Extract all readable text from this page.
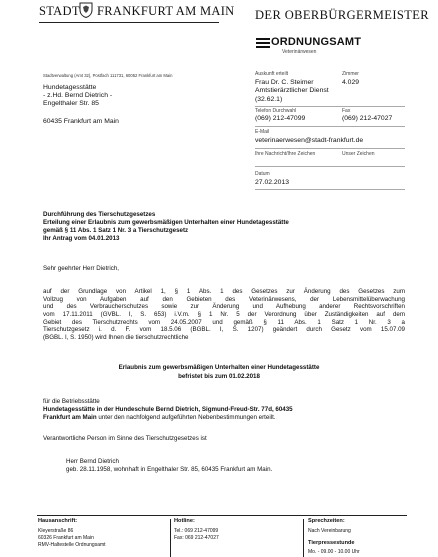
STADT FRANKFURT AM MAIN DER OBERBÜRGERMEISTER
ORDNUNGSAMT
Veterinärwesen
Stadtverwaltung (Amt 32), Postfach 111731, 60052 Frankfurt am Main
Hundetagesstätte
- z.Hd. Bernd Dietrich -
Engelthaler Str. 85
60435 Frankfurt am Main
Auskunft erteilt	Zimmer
Frau Dr. C. Steimer	4.029
Amtstierärztlicher Dienst
(32.62.1)
Telefon Durchwahl	Fax
(069) 212-47099	(069) 212-47027
E-Mail
veterinaerwesen@stadt-frankfurt.de
Ihre Nachricht/Ihre Zeichen	Unser Zeichen
Datum
27.02.2013
Durchführung des Tierschutzgesetzes
Erteilung einer Erlaubnis zum gewerbsmäßigen Unterhalten einer Hundetagesstätte
gemäß § 11 Abs. 1 Satz 1 Nr. 3 a Tierschutzgesetz
Ihr Antrag vom 04.01.2013
Sehr geehrter Herr Dietrich,
auf der Grundlage von Artikel 1, § 1 Abs. 1 des Gesetzes zur Änderung des Gesetzes zum
Vollzug von Aufgaben auf den Gebieten des Veterinärwesens, der Lebensmittelüberwachung
und des Verbraucherschutzes sowie zur Änderung und Aufhebung anderer Rechtsvorschriften
vom 17.11.2011 (GVBL. I, S. 653) i.V.m. § 1 Nr. 5 der Verordnung über Zuständigkeiten auf dem
Gebiet des Tierschutzrechts vom 24.05.2007 und gemäß § 11 Abs. 1 Satz 1 Nr. 3 a
Tierschutzgesetz i. d. F. vom 18.5.06 (BGBL. I, S. 1207) geändert durch Gesetz vom 15.07.09
(BGBL. I, S. 1950) wird Ihnen die tierschutzrechtliche
Erlaubnis zum gewerbsmäßigen Unterhalten einer Hundetagesstätte
befristet bis zum 01.02.2018
für die Betriebsstätte
Hundetagesstätte in der Hundeschule Bernd Dietrich, Sigmund-Freud-Str. 77d, 60435
Frankfurt am Main unter den nachfolgend aufgeführten Nebenbestimmungen erteilt.
Verantwortliche Person im Sinne des Tierschutzgesetzes ist
Herr Bernd Dietrich
geb. 28.11.1958, wohnhaft in Engelthaler Str. 85, 60435 Frankfurt am Main.
Hausanschrift:
Kleyerstraße 86
60326 Frankfurt am Main
RMV-Haltestelle Ordnungsamt
Hotline:
Tel.: 069 212-47099
Fax: 069 212-47027
Sprechzeiten:
Nach Vereinbarung
Tierpressestunde
Mo. - 09.00 - 10.00 Uhr
